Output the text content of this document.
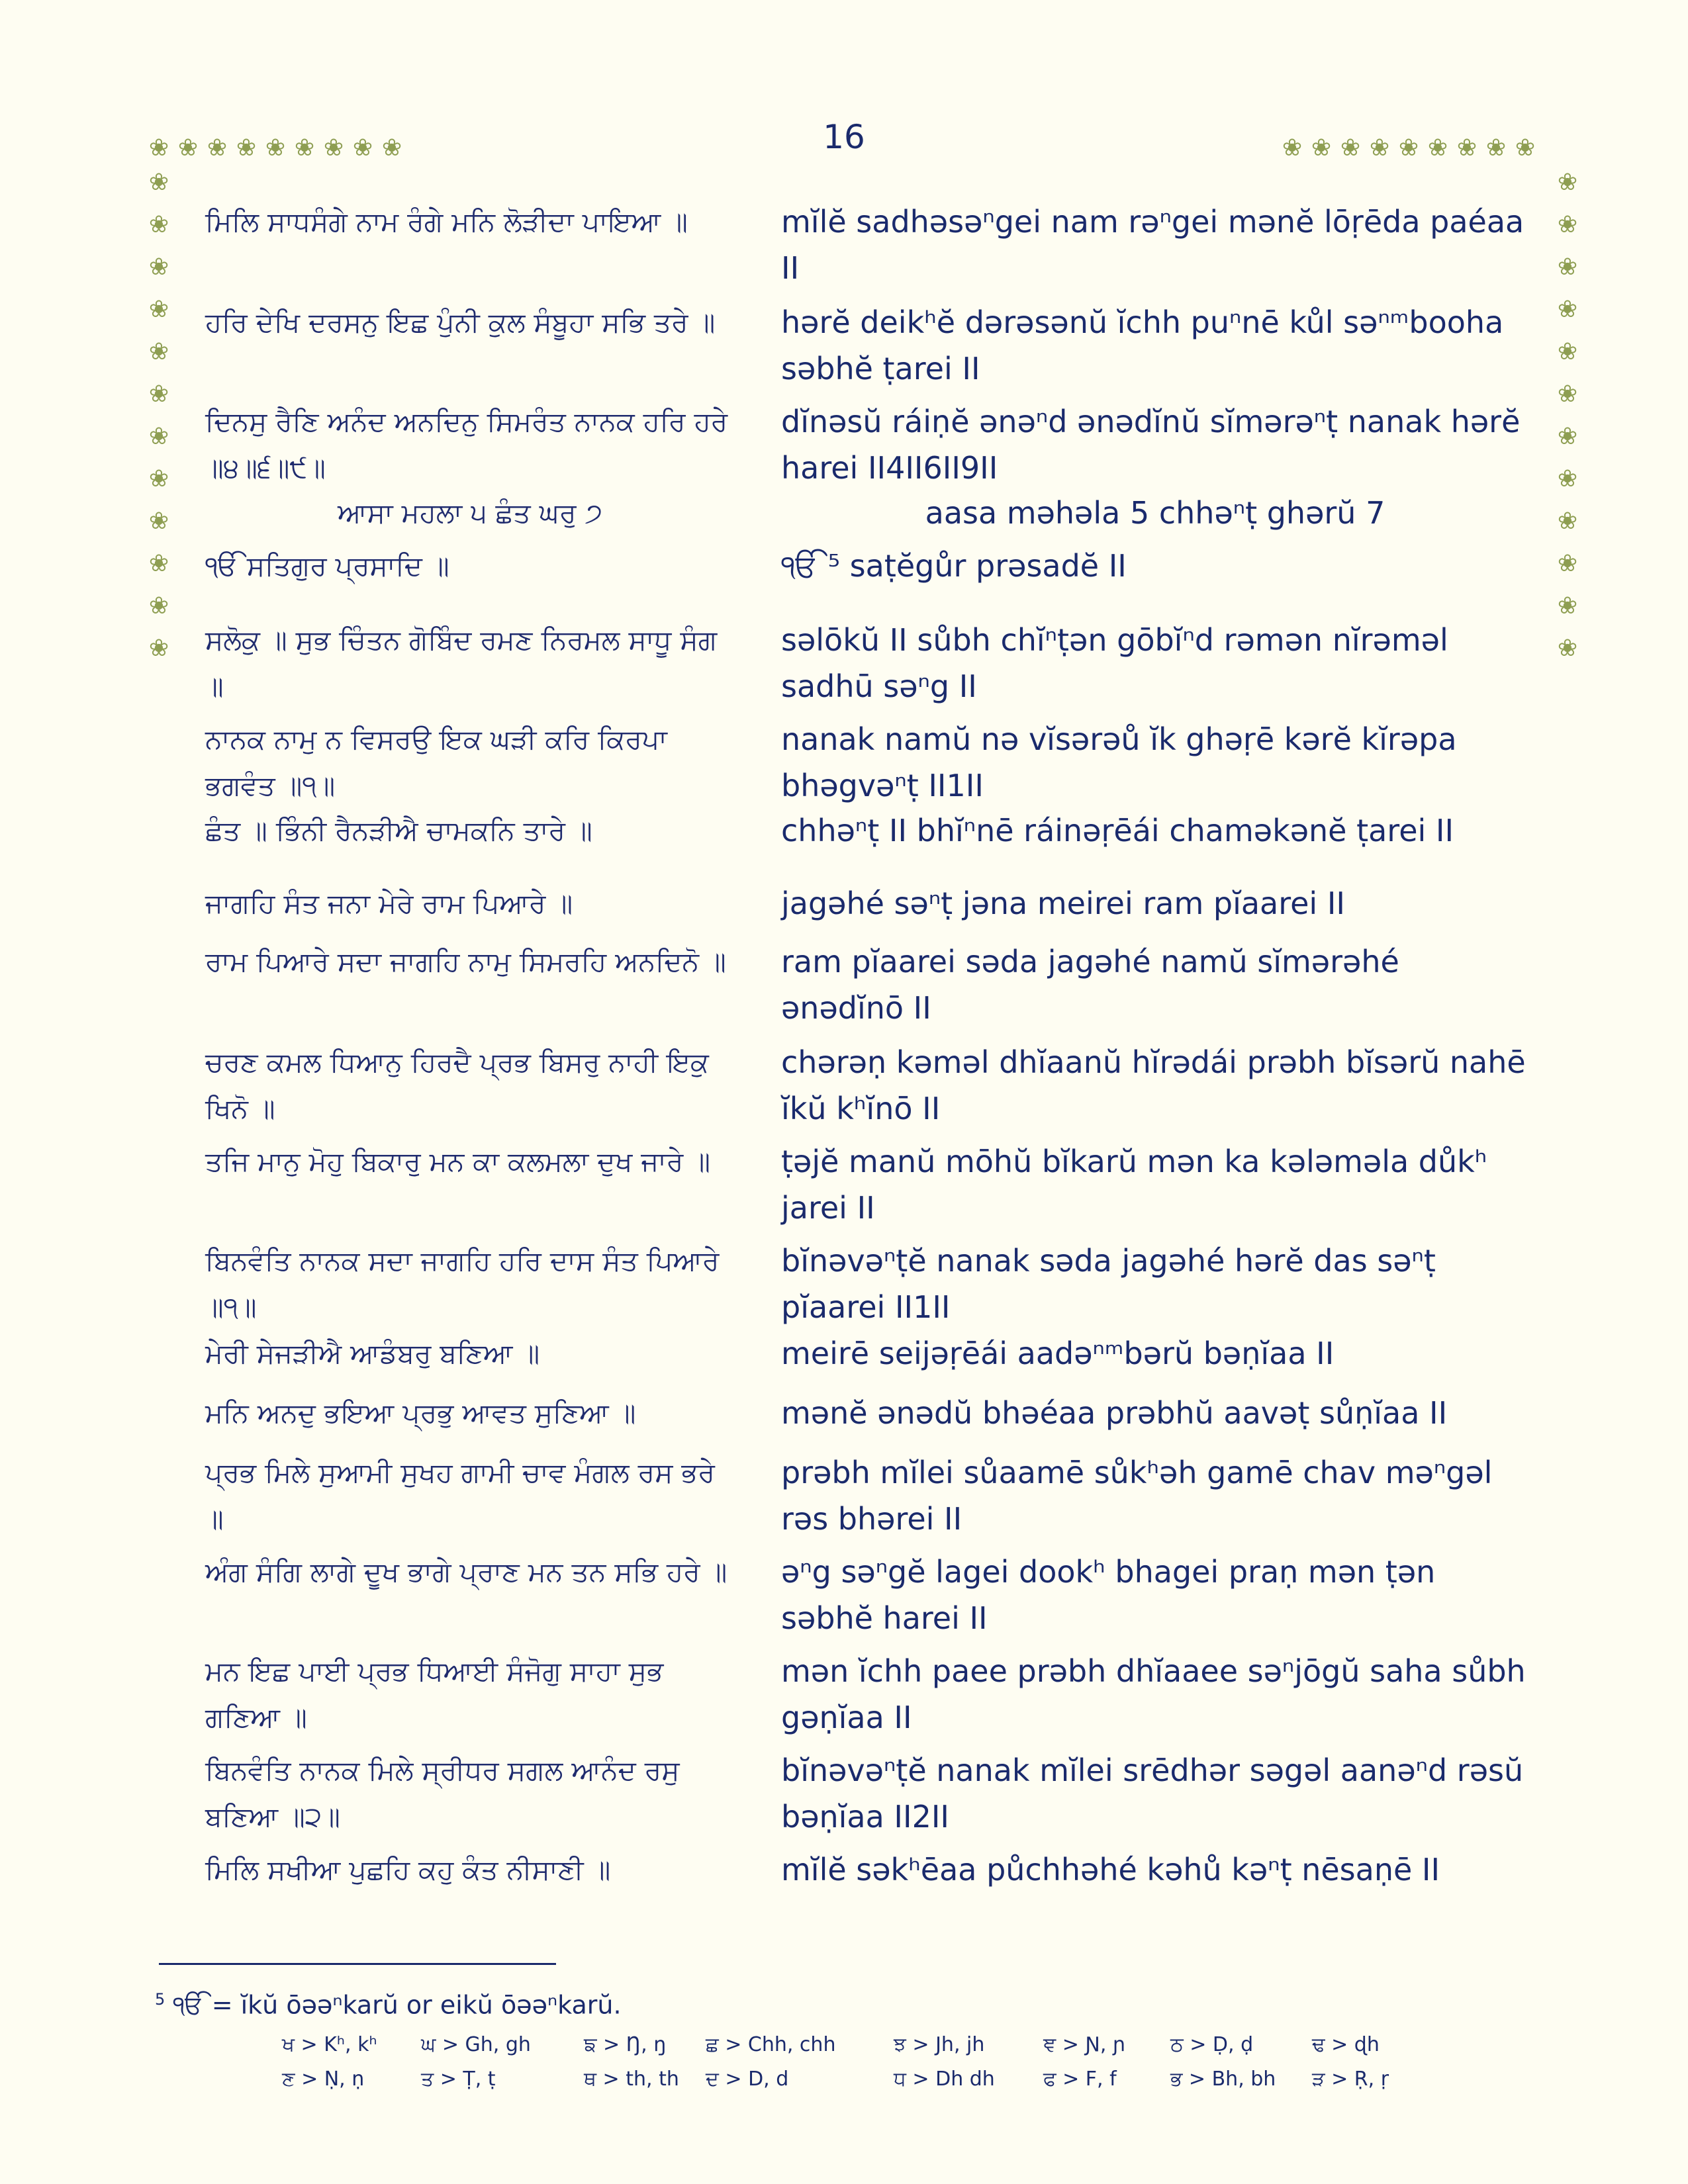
16
❀ ❀ ❀ ❀ ❀ ❀ ❀ ❀ ❀	❀ ❀ ❀ ❀ ❀ ❀ ❀ ❀ ❀
❀
❀
❀
❀
❀
❀
❀
❀
❀
❀
❀
❀
❀
❀
❀
❀
❀
❀
❀
❀
❀
❀
❀
❀
ਮਿਲਿ ਸਾਧਸੰਗੇ ਨਾਮ ਰੰਗੇ ਮਨਿ ਲੋੜੀਦਾ ਪਾਇਆ ॥	mĭlĕ sadhəsəⁿgei nam rəⁿgei mənĕ lōṛēda paéaa II
ਹਰਿ ਦੇਖਿ ਦਰਸਨੁ ਇਛ ਪੁੰਨੀ ਕੁਲ ਸੰਬੂਹਾ ਸਭਿ ਤਰੇ ॥	hərĕ deikʰĕ dərəsənŭ ĭchh puⁿnē kůl səⁿᵐbooha səbhĕ ṭarei II
ਦਿਨਸੁ ਰੈਣਿ ਅਨੰਦ ਅਨਦਿਨੁ ਸਿਮਰੰਤ ਨਾਨਕ ਹਰਿ ਹਰੇ ॥੪॥੬॥੯॥
dĭnəsŭ ráiṇĕ ənəⁿd ənədĭnŭ sĭmərəⁿṭ nanak hərĕ harei II4II6II9II
ਆਸਾ ਮਹਲਾ ੫ ਛੰਤ ਘਰੁ ੭	aasa məhəla 5 chhəⁿṭ ghərŭ 7
ੴ ਸਤਿਗੁਰ ਪ੍ਰਸਾਦਿ ॥	ੴ ⁵ saṭĕgůr prəsadĕ II
ਸਲੋਕੁ ॥ ਸੁਭ ਚਿੰਤਨ ਗੋਬਿੰਦ ਰਮਣ ਨਿਰਮਲ ਸਾਧੂ ਸੰਗ ॥
səlōkŭ II sůbh chĭⁿṭən gōbĭⁿd rəmən nĭrəməl sadhū səⁿg II
ਨਾਨਕ ਨਾਮੁ ਨ ਵਿਸਰਉ ਇਕ ਘੜੀ ਕਰਿ ਕਿਰਪਾ ਭਗਵੰਤ ॥੧॥
nanak namŭ nə vĭsərəů ĭk ghəṛē kərĕ kĭrəpa bhəgvəⁿṭ II1II
ਛੰਤ ॥ ਭਿੰਨੀ ਰੈਨੜੀਐ ਚਾਮਕਨਿ ਤਾਰੇ ॥	chhəⁿṭ II bhĭⁿnē ráinəṛēái chaməkənĕ ṭarei II
ਜਾਗਹਿ ਸੰਤ ਜਨਾ ਮੇਰੇ ਰਾਮ ਪਿਆਰੇ ॥	jagəhé səⁿṭ jəna meirei ram pĭaarei II
ਰਾਮ ਪਿਆਰੇ ਸਦਾ ਜਾਗਹਿ ਨਾਮੁ ਸਿਮਰਹਿ ਅਨਦਿਨੋ ॥ ram pĭaarei səda jagəhé namŭ sĭmərəhé ənədĭnō II
ਚਰਣ ਕਮਲ ਧਿਆਨੁ ਹਿਰਦੈ ਪ੍ਰਭ ਬਿਸਰੁ ਨਾਹੀ ਇਕੁ ਖਿਨੋ ॥
chərəṇ kəməl dhĭaanŭ hĭrədái prəbh bĭsərŭ nahē ĭkŭ kʰĭnō II
ਤਜਿ ਮਾਨੁ ਮੋਹੁ ਬਿਕਾਰੁ ਮਨ ਕਾ ਕਲਮਲਾ ਦੁਖ ਜਾਰੇ ॥	ṭəjĕ manŭ mōhŭ bĭkarŭ mən ka kələməla důkʰ jarei II
ਬਿਨਵੰਤਿ ਨਾਨਕ ਸਦਾ ਜਾਗਹਿ ਹਰਿ ਦਾਸ ਸੰਤ ਪਿਆਰੇ ॥੧॥
bĭnəvəⁿṭĕ nanak səda jagəhé hərĕ das səⁿṭ pĭaarei II1II
ਮੇਰੀ ਸੇਜੜੀਐ ਆਡੰਬਰੁ ਬਣਿਆ ॥	meirē seijəṛēái aadəⁿᵐbərŭ bəṇĭaa II
ਮਨਿ ਅਨਦੁ ਭਇਆ ਪ੍ਰਭੁ ਆਵਤ ਸੁਣਿਆ ॥	mənĕ ənədŭ bhəéaa prəbhŭ aavəṭ sůṇĭaa II
ਪ੍ਰਭ ਮਿਲੇ ਸੁਆਮੀ ਸੁਖਹ ਗਾਮੀ ਚਾਵ ਮੰਗਲ ਰਸ ਭਰੇ ॥
prəbh mĭlei sůaamē sůkʰəh gamē chav məⁿgəl rəs bhərei II
ਅੰਗ ਸੰਗਿ ਲਾਗੇ ਦੂਖ ਭਾਗੇ ਪ੍ਰਾਣ ਮਨ ਤਨ ਸਭਿ ਹਰੇ ॥ əⁿg səⁿgĕ lagei dookʰ bhagei praṇ mən ṭən səbhĕ harei II
ਮਨ ਇਛ ਪਾਈ ਪ੍ਰਭ ਧਿਆਈ ਸੰਜੋਗੁ ਸਾਹਾ ਸੁਭ ਗਣਿਆ ॥
mən ĭchh paee prəbh dhĭaaee səⁿjōgŭ saha sůbh gəṇĭaa II
ਬਿਨਵੰਤਿ ਨਾਨਕ ਮਿਲੇ ਸ੍ਰੀਧਰ ਸਗਲ ਆਨੰਦ ਰਸੁ ਬਣਿਆ ॥੨॥
bĭnəvəⁿṭĕ nanak mĭlei srēdhər səgəl aanəⁿd rəsŭ bəṇĭaa II2II
ਮਿਲਿ ਸਖੀਆ ਪੁਛਹਿ ਕਹੁ ਕੰਤ ਨੀਸਾਣੀ ॥	mĭlĕ səkʰēaa půchhəhé kəhů kəⁿṭ nēsaṇē II
$^5$ ੴ = ĭkŭ ōəəⁿkarŭ or eikŭ ōəəⁿkarŭ.
ਖ > Kʰ, kʰ ਘ > Gh, gh	ਙ > Ŋ, ŋ ਛ > Chh, chh	ਝ > Jh, jh	ਞ > Ɲ, ɲ ਠ > Ḍ, ḍ	ਢ > ɖh
ਣ > Ṇ, ṇ	ਤ > Ṭ, ṭ	ਥ > th, th ਦ > D, d	ਧ > Dh dh ਫ > F, f	ਭ > Bh, bh ੜ > Ṛ, ṛ
